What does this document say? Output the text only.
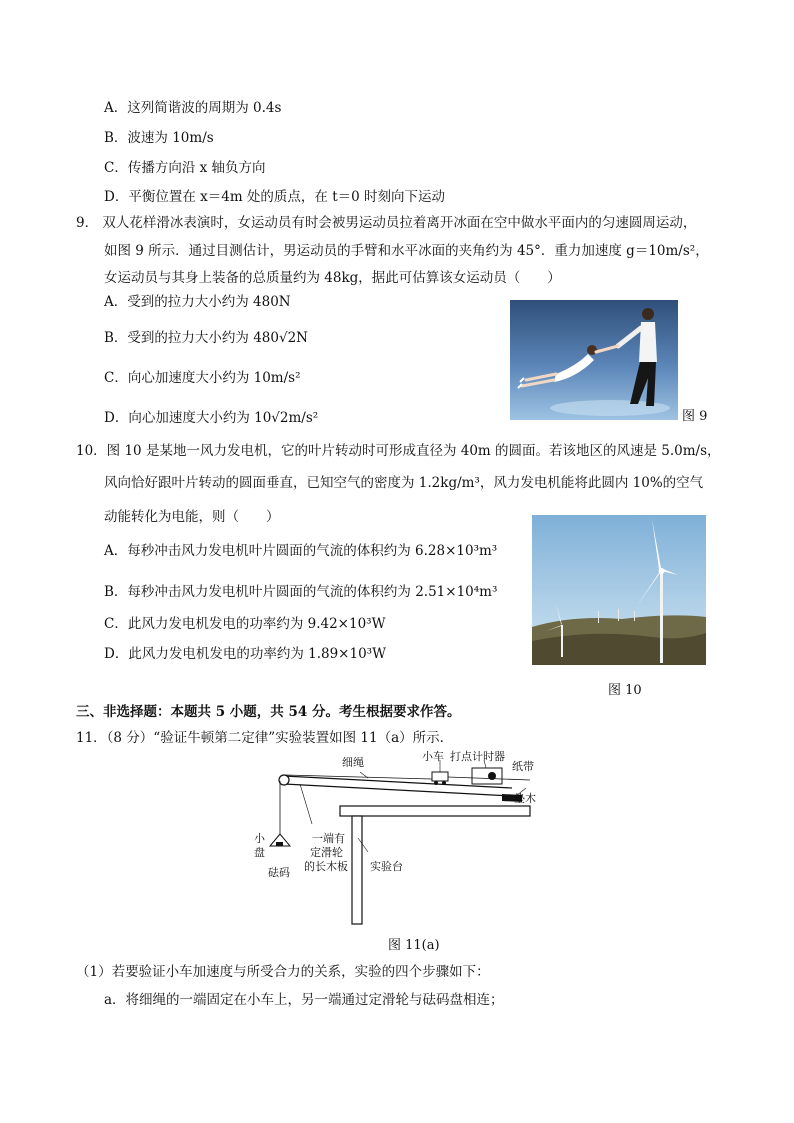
A．这列简谐波的周期为 0.4s
B．波速为 10m/s
C．传播方向沿 x 轴负方向
D．平衡位置在 x＝4m 处的质点，在 t＝0 时刻向下运动
9． 双人花样滑冰表演时，女运动员有时会被男运动员拉着离开冰面在空中做水平面内的匀速圆周运动，
如图 9 所示．通过目测估计，男运动员的手臂和水平冰面的夹角约为 45°．重力加速度 g＝10m/s²，
女运动员与其身上装备的总质量约为 48kg，据此可估算该女运动员（　　）
A．受到的拉力大小约为 480N
B．受到的拉力大小约为 480√2N
C．向心加速度大小约为 10m/s²
D．向心加速度大小约为 10√2m/s²	图 9
10．图 10 是某地一风力发电机，它的叶片转动时可形成直径为 40m 的圆面。若该地区的风速是 5.0m/s，
风向恰好跟叶片转动的圆面垂直，已知空气的密度为 1.2kg/m³，风力发电机能将此圆内 10%的空气
动能转化为电能，则（　　）
A．每秒冲击风力发电机叶片圆面的气流的体积约为 6.28×10³m³
B．每秒冲击风力发电机叶片圆面的气流的体积约为 2.51×10⁴m³
C．此风力发电机发电的功率约为 9.42×10³W
D．此风力发电机发电的功率约为 1.89×10³W
图 10
三、非选择题：本题共 5 小题，共 54 分。考生根据要求作答。
11．（8 分）“验证牛顿第二定律”实验装置如图 11（a）所示．
细绳	小车 打点计时器
纸带
垫木
小
盘
砝码
一端有
定滑轮
的长木板 实验台
图 11(a)
（1）若要验证小车加速度与所受合力的关系，实验的四个步骤如下：
a．将细绳的一端固定在小车上，另一端通过定滑轮与砝码盘相连；
